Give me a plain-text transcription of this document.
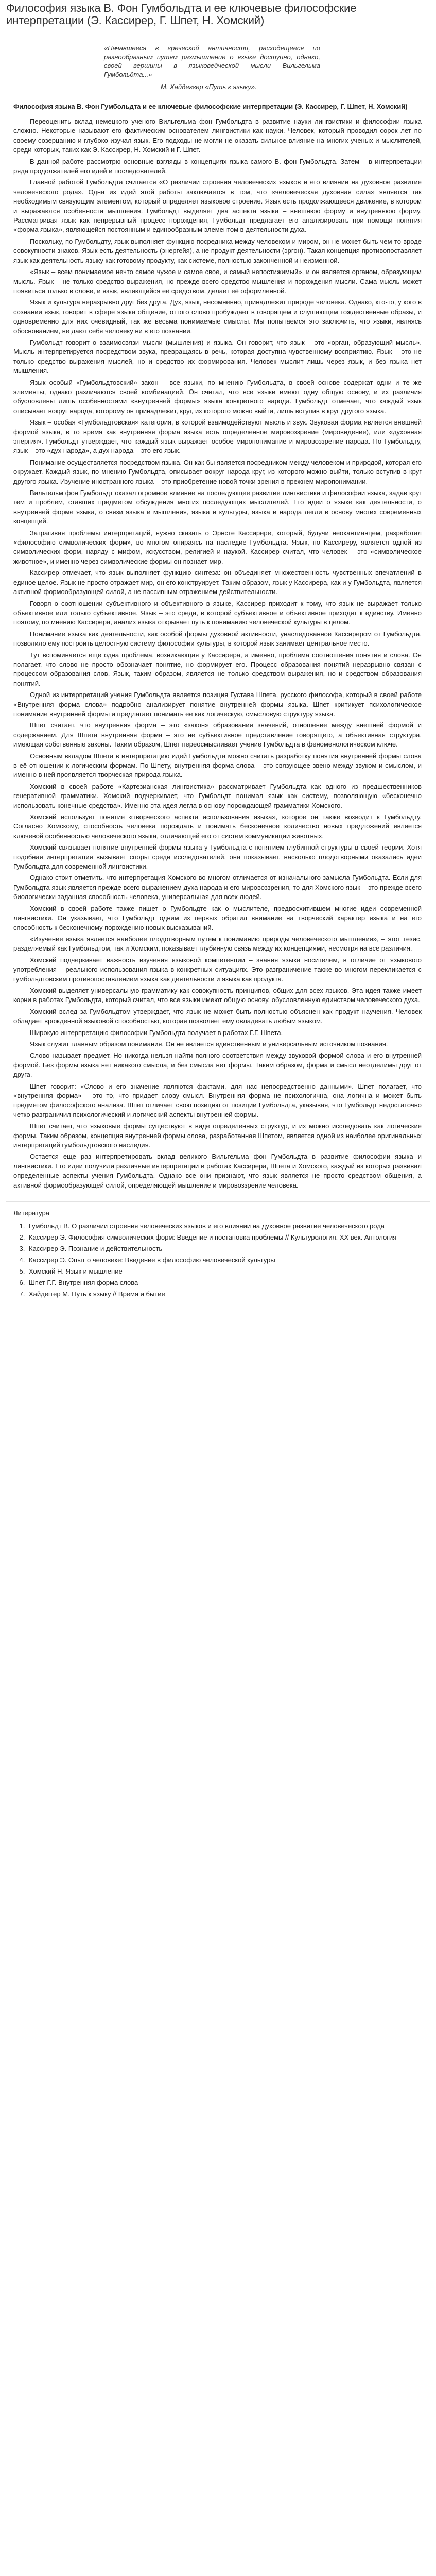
Философия языка В. Фон Гумбольдта и ее ключевые философские интерпретации (Э. Кассирер, Г. Шпет, Н. Хомский)

«Начавшееся в греческой античности, расходящееся по разнообразным путям размышление о языке доступно, однако, своей вершины в языковедческой мысли Вильгельма Гумбольдта...»

М. Хайдеггер «Путь к языку».
Философия языка В. Фон Гумбольдта и ее ключевые философские интерпретации (Э. Кассирер, Г. Шпет, Н. Хомский)

Переоценить вклад немецкого ученого Вильгельма фон Гумбольдта в развитие науки лингвистики и философии языка сложно. Некоторые называют его фактическим основателем лингвистики как науки. Человек, который проводил сорок лет по своему созерцанию и глубоко изучал язык. Его подходы не могли не оказать сильное влияние на многих ученых и мыслителей, среди которых, таких как Э. Кассирер, Н. Хомский и Г. Шпет.

В данной работе рассмотрю основные взгляды в концепциях языка самого В. фон Гумбольдта. Затем – в интерпретации ряда продолжателей его идей и последователей.

Главной работой Гумбольдта считается «О различии строения человеческих языков и его влиянии на духовное развитие человеческого рода». Одна из идей этой работы заключается в том, что «человеческая духовная сила» является так необходимым связующим элементом, который определяет языковое строение. Язык есть продолжающееся движение, в котором и выражаются особенности мышления. Гумбольдт выделяет два аспекта языка – внешнюю форму и внутреннюю форму. Рассматривая язык как непрерывный процесс порождения, Гумбольдт предлагает его анализировать при помощи понятия «форма языка», являющейся постоянным и единообразным элементом в деятельности духа.

Поскольку, по Гумбольдту, язык выполняет функцию посредника между человеком и миром, он не может быть чем-то вроде совокупности знаков. Язык есть деятельность (энергейя), а не продукт деятельности (эргон). Такая концепция противопоставляет язык как деятельность языку как готовому продукту, как системе, полностью законченной и неизменной.

«Язык – всем понимаемое нечто самое чужое и самое свое, и самый непостижимый», и он является органом, образующим мысль. Язык – не только средство выражения, но прежде всего средство мышления и порождения мысли. Сама мысль может появиться только в слове, и язык, являющийся её средством, делает её оформленной.

Язык и культура неразрывно друг без друга. Дух, язык, несомненно, принадлежит природе человека. Однако, кто-то, у кого в сознании язык, говорит в сфере языка общение, оттого слово пробуждает в говорящем и слушающем тождественные образы, и одновременно для них очевидный, так же весьма понимаемые смыслы. Мы попытаемся это заключить, что языки, являясь обоснованием, не дают себя человеку ни в его познании.

Гумбольдт говорит о взаимосвязи мысли (мышления) и языка. Он говорит, что язык – это «орган, образующий мысль». Мысль интерпретируется посредством звука, превращаясь в речь, которая доступна чувственному восприятию. Язык – это не только средство выражения мыслей, но и средство их формирования. Человек мыслит лишь через язык, и без языка нет мышления.

Язык особый «Гумбольдтовский» закон – все языки, по мнению Гумбольдта, в своей основе содержат одни и те же элементы, однако различаются своей комбинацией. Он считал, что все языки имеют одну общую основу, и их различия обусловлены лишь особенностями «внутренней формы» языка конкретного народа. Гумбольдт отмечает, что каждый язык описывает вокруг народа, которому он принадлежит, круг, из которого можно выйти, лишь вступив в круг другого языка.

Язык – особая «Гумбольдтовская» категория, в которой взаимодействуют мысль и звук. Звуковая форма является внешней формой языка, в то время как внутренняя форма языка есть определенное мировоззрение (мировидение), или «духовная энергия». Гумбольдт утверждает, что каждый язык выражает особое миропонимание и мировоззрение народа. По Гумбольдту, язык – это «дух народа», а дух народа – это его язык.

Понимание осуществляется посредством языка. Он как бы является посредником между человеком и природой, которая его окружает. Каждый язык, по мнению Гумбольдта, описывает вокруг народа круг, из которого можно выйти, только вступив в круг другого языка. Изучение иностранного языка – это приобретение новой точки зрения в прежнем миропонимании.

Вильгельм фон Гумбольдт оказал огромное влияние на последующее развитие лингвистики и философии языка, задав круг тем и проблем, ставших предметом обсуждения многих последующих мыслителей. Его идеи о языке как деятельности, о внутренней форме языка, о связи языка и мышления, языка и культуры, языка и народа легли в основу многих современных концепций.

Затрагивая проблемы интерпретаций, нужно сказать о Эрнсте Кассирере, который, будучи неокантианцем, разработал «философию символических форм», во многом опираясь на наследие Гумбольдта. Язык, по Кассиреру, является одной из символических форм, наряду с мифом, искусством, религией и наукой. Кассирер считал, что человек – это «символическое животное», и именно через символические формы он познает мир.

Кассирер отмечает, что язык выполняет функцию синтеза: он объединяет множественность чувственных впечатлений в единое целое. Язык не просто отражает мир, он его конструирует. Таким образом, язык у Кассирера, как и у Гумбольдта, является активной формообразующей силой, а не пассивным отражением действительности.

Говоря о соотношении субъективного и объективного в языке, Кассирер приходит к тому, что язык не выражает только объективное или только субъективное. Язык – это среда, в которой субъективное и объективное приходят к единству. Именно поэтому, по мнению Кассирера, анализ языка открывает путь к пониманию человеческой культуры в целом.

Понимание языка как деятельности, как особой формы духовной активности, унаследованное Кассирером от Гумбольдта, позволило ему построить целостную систему философии культуры, в которой язык занимает центральное место.

Тут вспоминается еще одна проблема, возникающая у Кассирера, а именно, проблема соотношения понятия и слова. Он полагает, что слово не просто обозначает понятие, но формирует его. Процесс образования понятий неразрывно связан с процессом образования слов. Язык, таким образом, является не только средством выражения, но и средством образования понятий.

Одной из интерпретаций учения Гумбольдта является позиция Густава Шпета, русского философа, который в своей работе «Внутренняя форма слова» подробно анализирует понятие внутренней формы языка. Шпет критикует психологическое понимание внутренней формы и предлагает понимать ее как логическую, смысловую структуру языка.

Шпет считает, что внутренняя форма – это «закон» образования значений, отношение между внешней формой и содержанием. Для Шпета внутренняя форма – это не субъективное представление говорящего, а объективная структура, имеющая собственные законы. Таким образом, Шпет переосмысливает учение Гумбольдта в феноменологическом ключе.

Основным вкладом Шпета в интерпретацию идей Гумбольдта можно считать разработку понятия внутренней формы слова в её отношении к логическим формам. По Шпету, внутренняя форма слова – это связующее звено между звуком и смыслом, и именно в ней проявляется творческая природа языка.

Хомский в своей работе «Картезианская лингвистика» рассматривает Гумбольдта как одного из предшественников генеративной грамматики. Хомский подчеркивает, что Гумбольдт понимал язык как систему, позволяющую «бесконечно использовать конечные средства». Именно эта идея легла в основу порождающей грамматики Хомского.

Хомский использует понятие «творческого аспекта использования языка», которое он также возводит к Гумбольдту. Согласно Хомскому, способность человека порождать и понимать бесконечное количество новых предложений является ключевой особенностью человеческого языка, отличающей его от систем коммуникации животных.

Хомский связывает понятие внутренней формы языка у Гумбольдта с понятием глубинной структуры в своей теории. Хотя подобная интерпретация вызывает споры среди исследователей, она показывает, насколько плодотворными оказались идеи Гумбольдта для современной лингвистики.

Однако стоит отметить, что интерпретация Хомского во многом отличается от изначального замысла Гумбольдта. Если для Гумбольдта язык является прежде всего выражением духа народа и его мировоззрения, то для Хомского язык – это прежде всего биологически заданная способность человека, универсальная для всех людей.

Хомский в своей работе также пишет о Гумбольдте как о мыслителе, предвосхитившем многие идеи современной лингвистики. Он указывает, что Гумбольдт одним из первых обратил внимание на творческий характер языка и на его способность к бесконечному порождению новых высказываний.

«Изучение языка является наиболее плодотворным путем к пониманию природы человеческого мышления», – этот тезис, разделяемый как Гумбольдтом, так и Хомским, показывает глубинную связь между их концепциями, несмотря на все различия.

Хомский подчеркивает важность изучения языковой компетенции – знания языка носителем, в отличие от языкового употребления – реального использования языка в конкретных ситуациях. Это разграничение также во многом перекликается с гумбольдтовским противопоставлением языка как деятельности и языка как продукта.

Хомский выделяет универсальную грамматику как совокупность принципов, общих для всех языков. Эта идея также имеет корни в работах Гумбольдта, который считал, что все языки имеют общую основу, обусловленную единством человеческого духа.

Хомский вслед за Гумбольдтом утверждает, что язык не может быть полностью объяснен как продукт научения. Человек обладает врожденной языковой способностью, которая позволяет ему овладевать любым языком.

Широкую интерпретацию философии Гумбольдта получает в работах Г.Г. Шпета.

Язык служит главным образом понимания. Он не является единственным и универсальным источником познания.

Слово называет предмет. Но никогда нельзя найти полного соответствия между звуковой формой слова и его внутренней формой. Без формы языка нет никакого смысла, и без смысла нет формы. Таким образом, форма и смысл неотделимы друг от друга.

Шпет говорит: «Слово и его значение являются фактами, для нас непосредственно данными». Шпет полагает, что «внутренняя форма» – это то, что придает слову смысл. Внутренняя форма не психологична, она логична и может быть предметом философского анализа. Шпет отличает свою позицию от позиции Гумбольдта, указывая, что Гумбольдт недостаточно четко разграничил психологический и логический аспекты внутренней формы.

Шпет считает, что языковые формы существуют в виде определенных структур, и их можно исследовать как логические формы. Таким образом, концепция внутренней формы слова, разработанная Шпетом, является одной из наиболее оригинальных интерпретаций гумбольдтовского наследия.

Остается еще раз интерпретировать вклад великого Вильгельма фон Гумбольдта в развитие философии языка и лингвистики. Его идеи получили различные интерпретации в работах Кассирера, Шпета и Хомского, каждый из которых развивал определенные аспекты учения Гумбольдта. Однако все они признают, что язык является не просто средством общения, а активной формообразующей силой, определяющей мышление и мировоззрение человека.

Литература
1. Гумбольдт В. О различии строения человеческих языков и его влиянии на духовное развитие человеческого рода
2. Кассирер Э. Философия символических форм: Введение и постановка проблемы // Культурология. XX век. Антология
3. Кассирер Э. Познание и действительность
4. Кассирер Э. Опыт о человеке: Введение в философию человеческой культуры
5. Хомский Н. Язык и мышление
6. Шпет Г.Г. Внутренняя форма слова
7. Хайдеггер М. Путь к языку // Время и бытие
